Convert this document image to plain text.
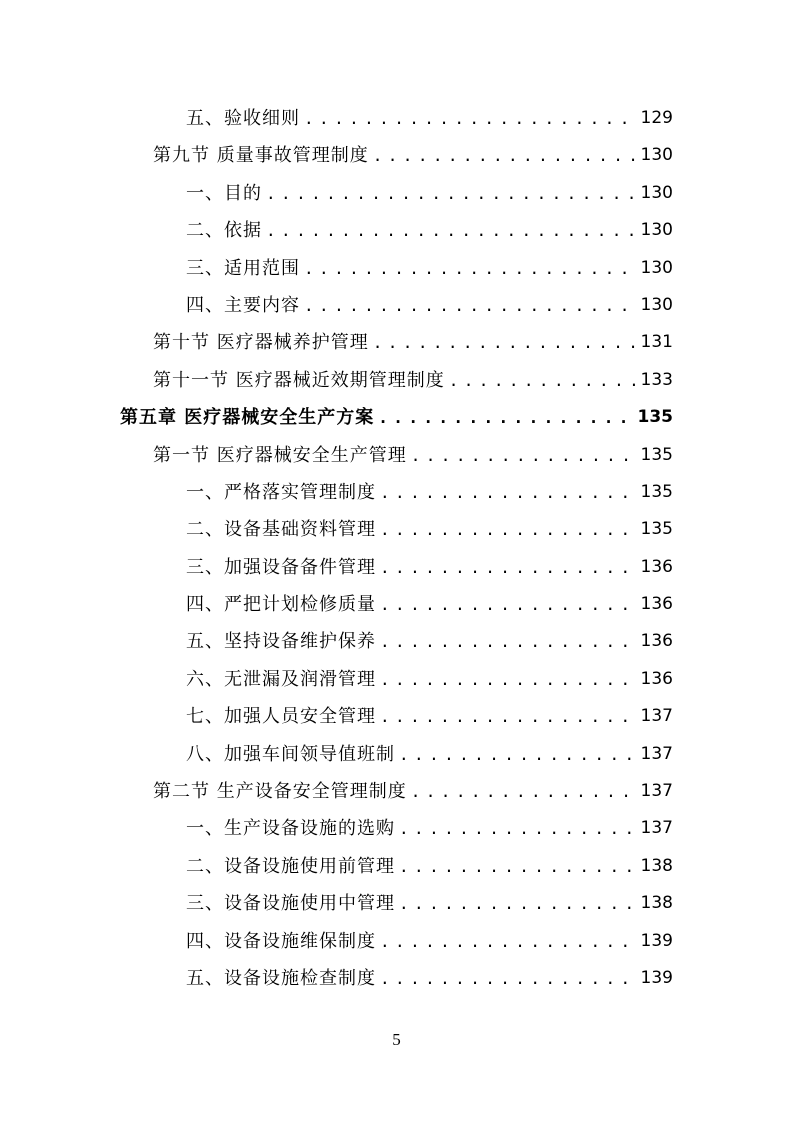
五、验收细则 .....	129
第九节 质量事故管理制度 .....	130
一、目的 .....	130
二、依据 .....	130
三、适用范围 .....	130
四、主要内容 .....	130
第十节 医疗器械养护管理 .....	131
第十一节 医疗器械近效期管理制度 .....	133
第五章 医疗器械安全生产方案 .....	135
第一节 医疗器械安全生产管理 .....	135
一、严格落实管理制度 .....	135
二、设备基础资料管理 .....	135
三、加强设备备件管理 .....	136
四、严把计划检修质量 .....	136
五、坚持设备维护保养 .....	136
六、无泄漏及润滑管理 .....	136
七、加强人员安全管理 .....	137
八、加强车间领导值班制 .....	137
第二节 生产设备安全管理制度 .....	137
一、生产设备设施的选购 .....	137
二、设备设施使用前管理 .....	138
三、设备设施使用中管理 .....	138
四、设备设施维保制度 .....	139
五、设备设施检查制度 .....	139
5
